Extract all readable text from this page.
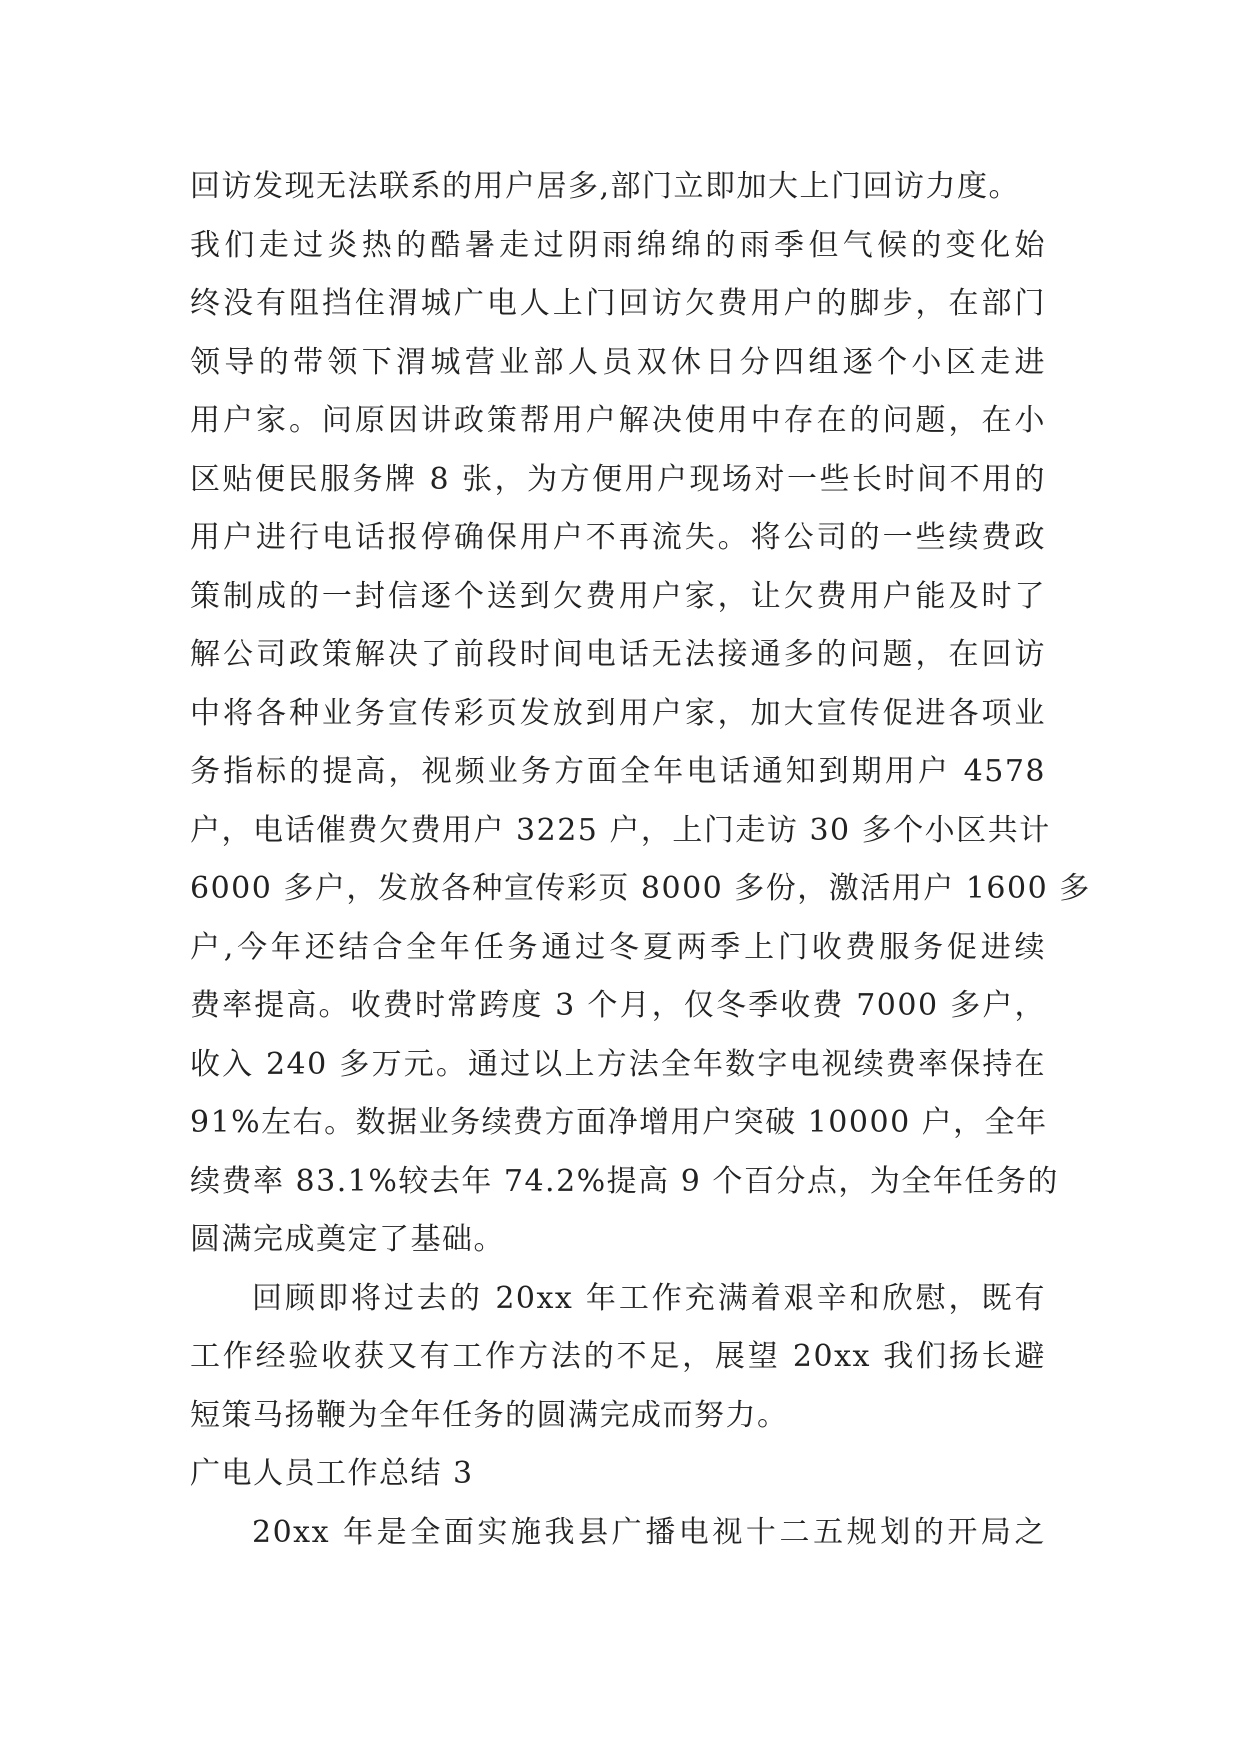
回访发现无法联系的用户居多,部门立即加大上门回访力度。
我们走过炎热的酷暑走过阴雨绵绵的雨季但气候的变化始
终没有阻挡住渭城广电人上门回访欠费用户的脚步，在部门
领导的带领下渭城营业部人员双休日分四组逐个小区走进
用户家。问原因讲政策帮用户解决使用中存在的问题，在小
区贴便民服务牌 8 张，为方便用户现场对一些长时间不用的
用户进行电话报停确保用户不再流失。将公司的一些续费政
策制成的一封信逐个送到欠费用户家，让欠费用户能及时了
解公司政策解决了前段时间电话无法接通多的问题，在回访
中将各种业务宣传彩页发放到用户家，加大宣传促进各项业
务指标的提高，视频业务方面全年电话通知到期用户 4578
户，电话催费欠费用户 3225 户，上门走访 30 多个小区共计
6000 多户，发放各种宣传彩页 8000 多份，激活用户 1600 多
户,今年还结合全年任务通过冬夏两季上门收费服务促进续
费率提高。收费时常跨度 3 个月，仅冬季收费 7000 多户，
收入 240 多万元。通过以上方法全年数字电视续费率保持在
91%左右。数据业务续费方面净增用户突破 10000 户，全年
续费率 83.1%较去年 74.2%提高 9 个百分点，为全年任务的
圆满完成奠定了基础。
回顾即将过去的 20xx 年工作充满着艰辛和欣慰，既有
工作经验收获又有工作方法的不足，展望 20xx 我们扬长避
短策马扬鞭为全年任务的圆满完成而努力。
广电人员工作总结 3
20xx 年是全面实施我县广播电视十二五规划的开局之
